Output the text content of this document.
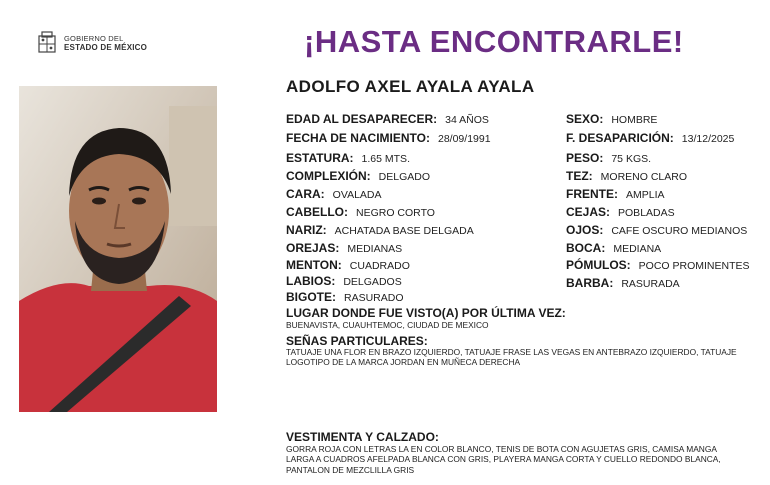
GOBIERNO DEL
ESTADO DE MÉXICO	¡HASTA ENCONTRARLE!
ADOLFO AXEL AYALA AYALA
EDAD AL DESAPARECER: 34 AÑOS
FECHA DE NACIMIENTO: 28/09/1991
ESTATURA: 1.65 MTS.
COMPLEXIÓN: DELGADO
CARA: OVALADA
CABELLO: NEGRO CORTO
NARIZ: ACHATADA BASE DELGADA
OREJAS: MEDIANAS
MENTON: CUADRADO
LABIOS: DELGADOS
BIGOTE: RASURADO
SEXO: HOMBRE
F. DESAPARICIÓN: 13/12/2025
PESO: 75 KGS.
TEZ: MORENO CLARO
FRENTE: AMPLIA
CEJAS: POBLADAS
OJOS: CAFE OSCURO MEDIANOS
BOCA: MEDIANA
PÓMULOS: POCO PROMINENTES
BARBA: RASURADA
LUGAR DONDE FUE VISTO(A) POR ÚLTIMA VEZ:
BUENAVISTA, CUAUHTEMOC, CIUDAD DE MEXICO
SEÑAS PARTICULARES:
TATUAJE UNA FLOR EN BRAZO IZQUIERDO, TATUAJE FRASE LAS VEGAS EN ANTEBRAZO IZQUIERDO, TATUAJE LOGOTIPO DE LA MARCA JORDAN EN MUÑECA DERECHA
VESTIMENTA Y CALZADO:
GORRA ROJA CON LETRAS LA EN COLOR BLANCO, TENIS DE BOTA CON AGUJETAS GRIS, CAMISA MANGA LARGA A CUADROS AFELPADA BLANCA CON GRIS, PLAYERA MANGA CORTA Y CUELLO REDONDO BLANCA, PANTALON DE MEZCLILLA GRIS
